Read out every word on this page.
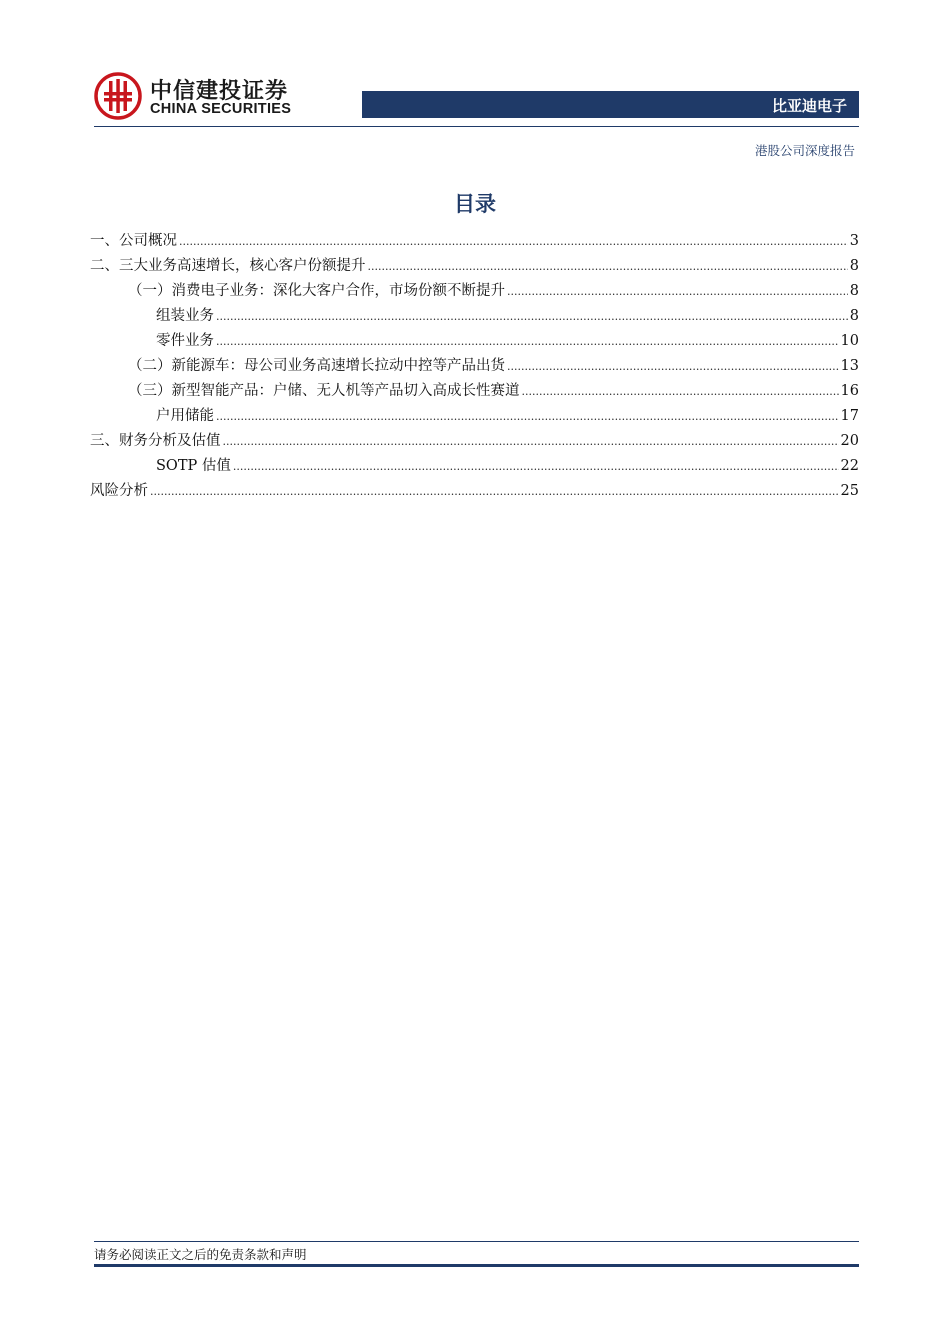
中信建投证券
CHINA SECURITIES	比亚迪电子
港股公司深度报告
目录
一、公司概况 .....	3
二、三大业务高速增长，核心客户份额提升 .....	8
（一）消费电子业务：深化大客户合作，市场份额不断提升 .....	8
组装业务 .....	8
零件业务 .....	10
（二）新能源车：母公司业务高速增长拉动中控等产品出货 .....	13
（三）新型智能产品：户储、无人机等产品切入高成长性赛道 .....	16
户用储能 .....	17
三、财务分析及估值 .....	20
SOTP 估值 .....	22
风险分析 .....	25
请务必阅读正文之后的免责条款和声明
